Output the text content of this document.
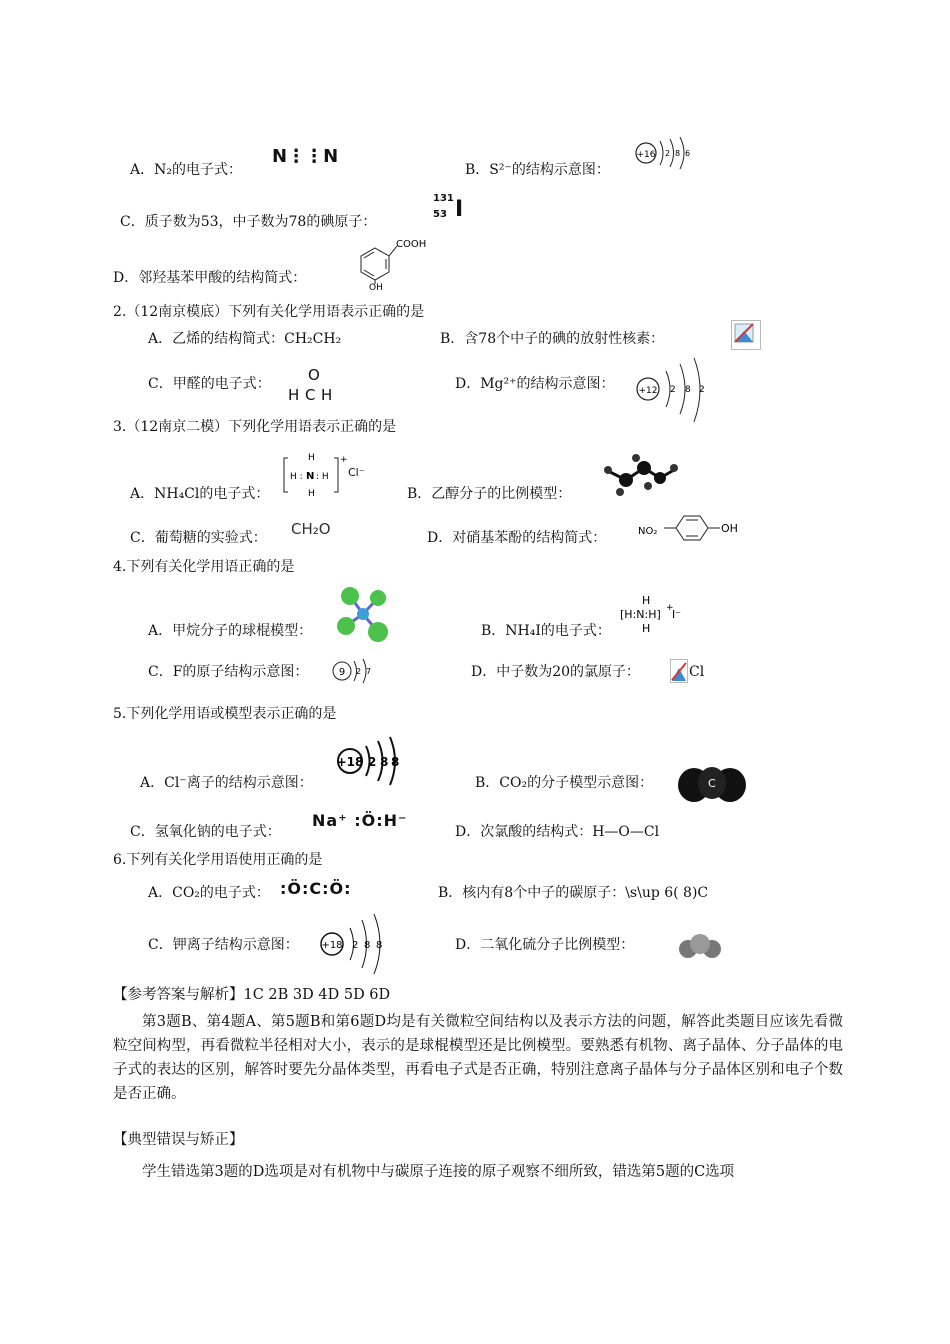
A．N₂的电子式：
N⋮⋮N
B．S²⁻的结构示意图：
+16 2 8 6
C．质子数为53，中子数为78的碘原子：
131
53 I
D．邻羟基苯甲酸的结构简式：
COOH
OH
2.（12南京模底）下列有关化学用语表示正确的是
A．乙烯的结构简式：CH₂CH₂	B．含78个中子的碘的放射性核素：
C．甲醛的电子式： O
H C H
D．Mg²⁺的结构示意图：	+12 2 8 2
3.（12南京二模）下列化学用语表示正确的是
A．NH₄Cl的电子式：
H
H : N : H
H
+
Cl⁻
B．乙醇分子的比例模型：
C．葡萄糖的实验式： CH₂O	D．对硝基苯酚的结构简式：	NO₂	OH
4.下列有关化学用语正确的是
A．甲烷分子的球棍模型：	B．NH₄I的电子式：
H
[H:N:H]
H
+
I⁻
C．F的原子结构示意图：	9 2 7	D．中子数为20的氯原子：	Cl
5.下列化学用语或模型表示正确的是
A．Cl⁻离子的结构示意图：
+18 2 8 8
B．CO₂的分子模型示意图：	C
C．氢氧化钠的电子式：
Na⁺ :Ö:H⁻
D．次氯酸的结构式：H—O—Cl
6.下列有关化学用语使用正确的是
A．CO₂的电子式： :Ö:C:Ö:	B．核内有8个中子的碳原子：\s\up 6( 8)C
C．钾离子结构示意图： +18 2 8 8	D．二氧化硫分子比例模型：
【参考答案与解析】1C 2B 3D 4D 5D 6D
第3题B、第4题A、第5题B和第6题D均是有关微粒空间结构以及表示方法的问题，解答此类题目应该先看微粒空间构型，再看微粒半径相对大小，表示的是球棍模型还是比例模型。要熟悉有机物、离子晶体、分子晶体的电子式的表达的区别，解答时要先分晶体类型，再看电子式是否正确，特别注意离子晶体与分子晶体区别和电子个数是否正确。
【典型错误与矫正】
学生错选第3题的D选项是对有机物中与碳原子连接的原子观察不细所致，错选第5题的C选项
